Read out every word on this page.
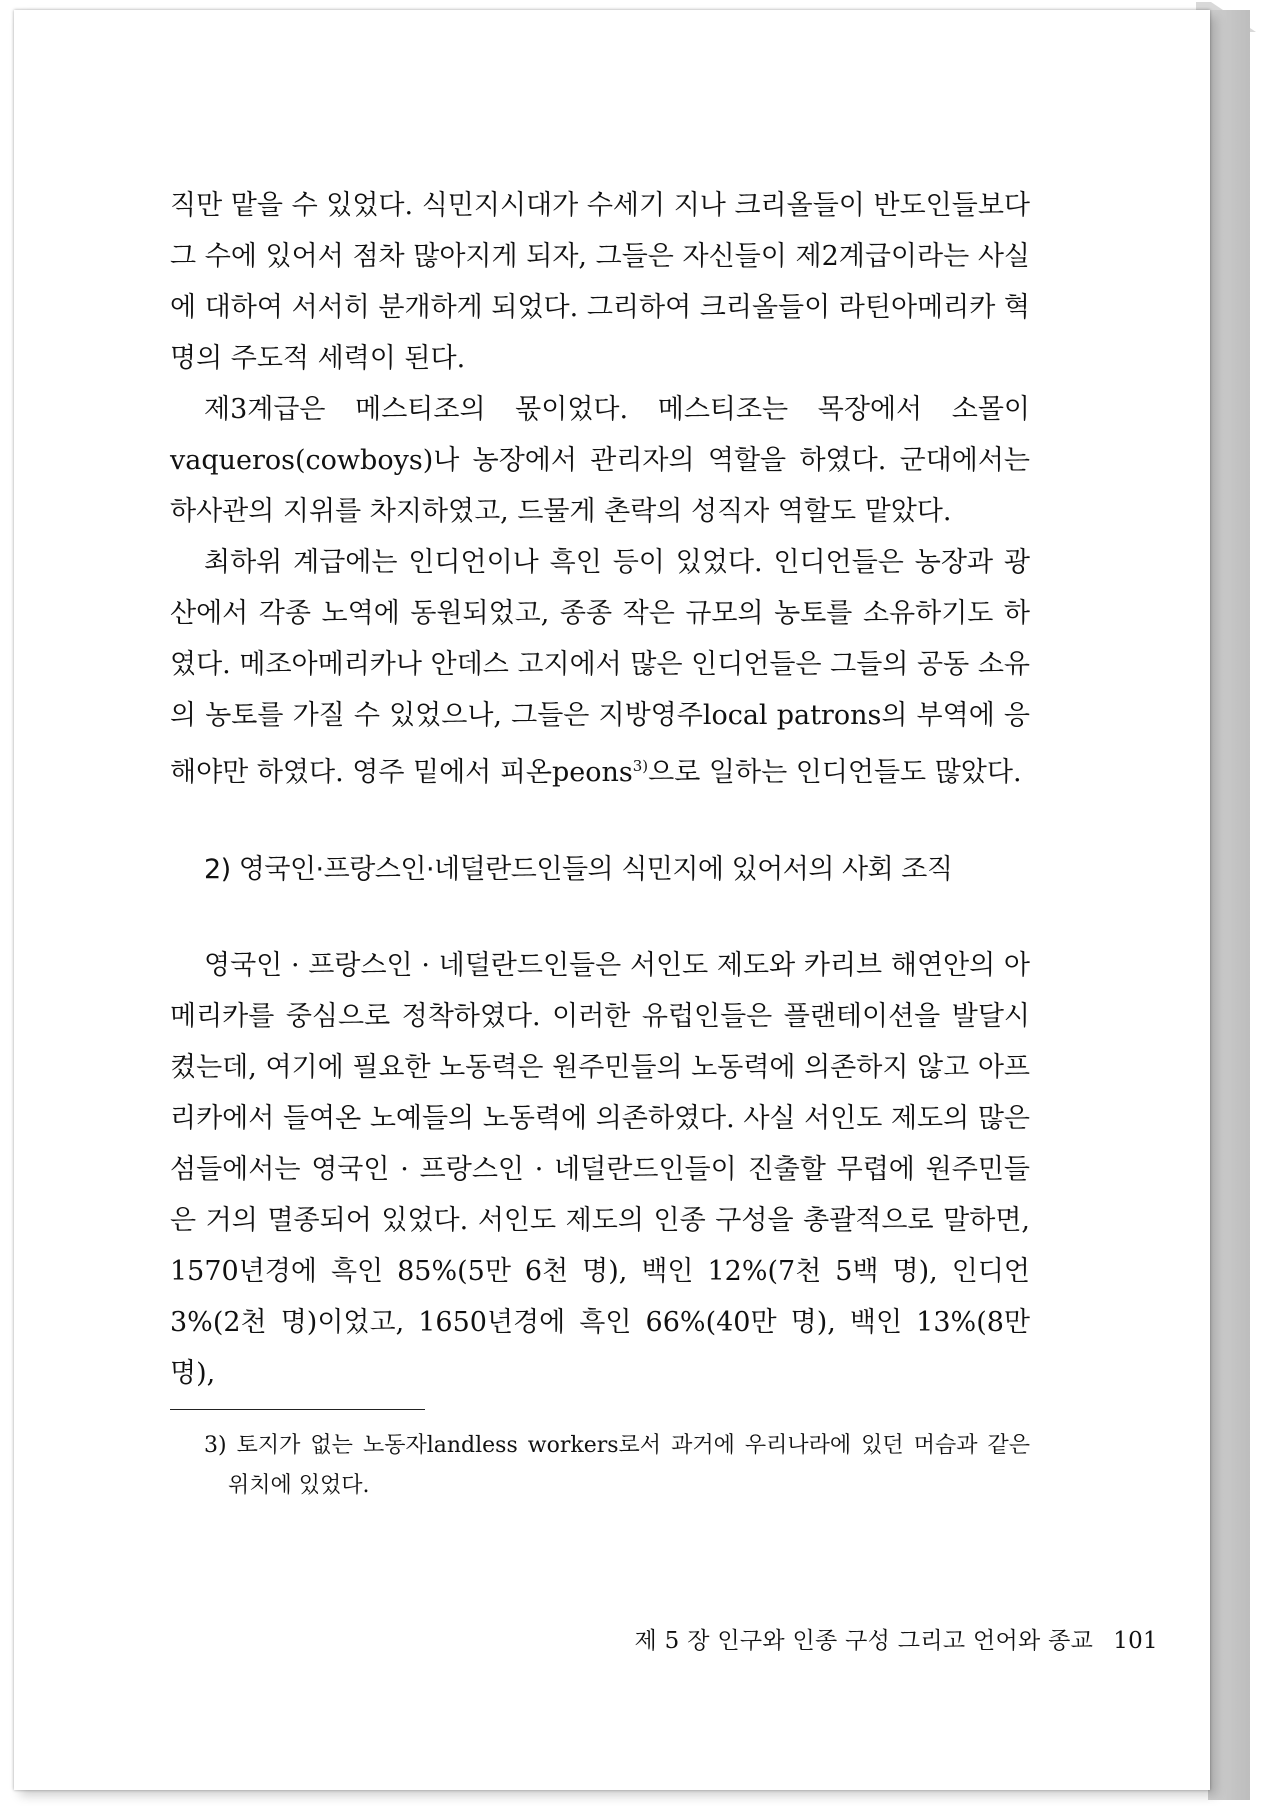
직만 맡을 수 있었다. 식민지시대가 수세기 지나 크리올들이 반도인들보다 그 수에 있어서 점차 많아지게 되자, 그들은 자신들이 제2계급이라는 사실에 대하여 서서히 분개하게 되었다. 그리하여 크리올들이 라틴아메리카 혁명의 주도적 세력이 된다.

제3계급은 메스티조의 몫이었다. 메스티조는 목장에서 소몰이 vaqueros(cowboys)나 농장에서 관리자의 역할을 하였다. 군대에서는 하사관의 지위를 차지하였고, 드물게 촌락의 성직자 역할도 맡았다.

최하위 계급에는 인디언이나 흑인 등이 있었다. 인디언들은 농장과 광산에서 각종 노역에 동원되었고, 종종 작은 규모의 농토를 소유하기도 하였다. 메조아메리카나 안데스 고지에서 많은 인디언들은 그들의 공동 소유의 농토를 가질 수 있었으나, 그들은 지방영주local patrons의 부역에 응해야만 하였다. 영주 밑에서 피온peons$^{3)}$으로 일하는 인디언들도 많았다.

2) 영국인·프랑스인·네덜란드인들의 식민지에 있어서의 사회 조직

영국인 · 프랑스인 · 네덜란드인들은 서인도 제도와 카리브 해연안의 아메리카를 중심으로 정착하였다. 이러한 유럽인들은 플랜테이션을 발달시켰는데, 여기에 필요한 노동력은 원주민들의 노동력에 의존하지 않고 아프리카에서 들여온 노예들의 노동력에 의존하였다. 사실 서인도 제도의 많은 섬들에서는 영국인 · 프랑스인 · 네덜란드인들이 진출할 무렵에 원주민들은 거의 멸종되어 있었다. 서인도 제도의 인종 구성을 총괄적으로 말하면, 1570년경에 흑인 85%(5만 6천 명), 백인 12%(7천 5백 명), 인디언 3%(2천 명)이었고, 1650년경에 흑인 66%(40만 명), 백인 13%(8만 명),

3) 토지가 없는 노동자landless workers로서 과거에 우리나라에 있던 머슴과 같은 위치에 있었다.

제 5 장 인구와 인종 구성 그리고 언어와 종교 101
